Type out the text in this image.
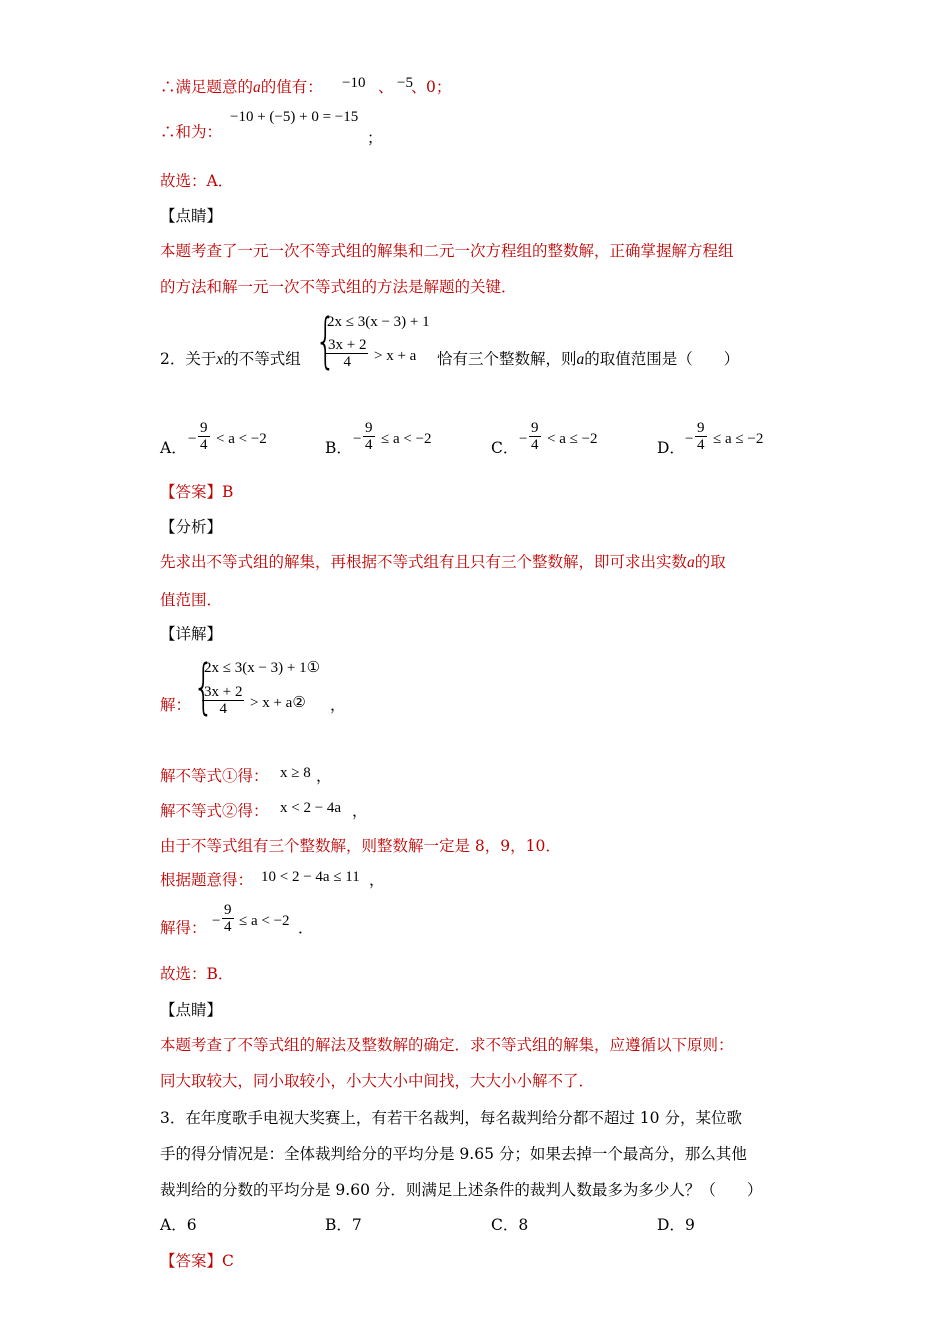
∴满足题意的a的值有： −10 、 −5
、 0；
∴和为：
−10 + (−5) + 0 = −15
；
故选：A．
【点睛】
本题考查了一元一次不等式组的解集和二元一次方程组的整数解，正确掌握解方程组
的方法和解一元一次不等式组的方法是解题的关键．
2．关于x的不等式组 {
2x ≤ 3(x − 3) + 1
$\frac{3x + 2}{4} > x + a$ 恰有三个整数解，则a的取值范围是（　　）
A． − $\frac{9}{4} < a < -2$	B． − $\frac{9}{4} \le a < -2$	C． − $\frac{9}{4} < a \le -2$	D． − $\frac{9}{4} \le a \le -2$
【答案】B
【分析】
先求出不等式组的解集，再根据不等式组有且只有三个整数解，即可求出实数a的取
值范围．
【详解】
解： {
2x ≤ 3(x − 3) + 1①
$\frac{3x + 2}{4} > x$ + a② ，
解不等式①得： x ≥ 8 ，
解不等式②得： x < 2 − 4a ，
由于不等式组有三个整数解，则整数解一定是 8，9，10．
根据题意得： 10 < 2 − 4a ≤ 11 ，
解得： − $\frac{9}{4} \le a < -2$ ．
故选：B．
【点睛】
本题考查了不等式组的解法及整数解的确定．求不等式组的解集，应遵循以下原则：
同大取较大，同小取较小，小大大小中间找，大大小小解不了．
3．在年度歌手电视大奖赛上，有若干名裁判，每名裁判给分都不超过 10 分，某位歌
手的得分情况是：全体裁判给分的平均分是 9.65 分；如果去掉一个最高分，那么其他
裁判给的分数的平均分是 9.60 分．则满足上述条件的裁判人数最多为多少人？（　　）
A．6	B．7	C．8	D．9
【答案】C
